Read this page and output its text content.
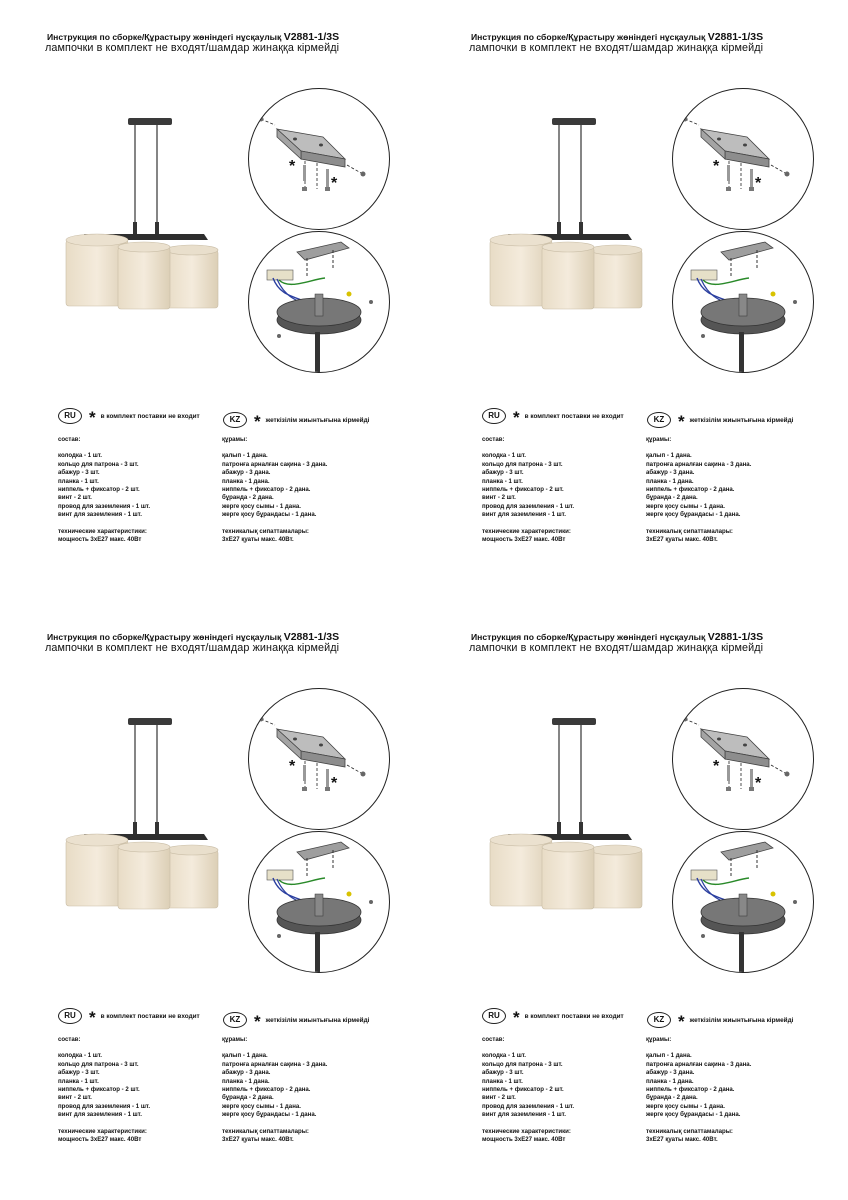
Инструкция по сборке/Құрастыру жөніндегі нұсқаулық V2881-1/3S
лампочки в комплект не входят/шамдар жинаққа кірмейді
*
*
RU * в комплект поставки не входит	KZ * жеткізілім жиынтығына кірмейді
состав:
колодка - 1 шт.
кольцо для патрона - 3 шт.
абажур - 3 шт.
планка - 1 шт.
ниппель + фиксатор - 2 шт.
винт - 2 шт.
провод для заземления - 1 шт.
винт для заземления - 1 шт.
технические характеристики:
мощность 3хЕ27 макс. 40Вт
құрамы:
қалып - 1 дана.
патронға арналған сақина - 3 дана.
абажур - 3 дана.
планка - 1 дана.
ниппель + фиксатор - 2 дана.
бұранда - 2 дана.
жерге қосу сымы - 1 дана.
жерге қосу бұрандасы - 1 дана.
техникалық сипаттамалары:
3хЕ27 қуаты макс. 40Вт.
Инструкция по сборке/Құрастыру жөніндегі нұсқаулық V2881-1/3S
лампочки в комплект не входят/шамдар жинаққа кірмейді
*
*
RU * в комплект поставки не входит	KZ * жеткізілім жиынтығына кірмейді
состав:
колодка - 1 шт.
кольцо для патрона - 3 шт.
абажур - 3 шт.
планка - 1 шт.
ниппель + фиксатор - 2 шт.
винт - 2 шт.
провод для заземления - 1 шт.
винт для заземления - 1 шт.
технические характеристики:
мощность 3хЕ27 макс. 40Вт
құрамы:
қалып - 1 дана.
патронға арналған сақина - 3 дана.
абажур - 3 дана.
планка - 1 дана.
ниппель + фиксатор - 2 дана.
бұранда - 2 дана.
жерге қосу сымы - 1 дана.
жерге қосу бұрандасы - 1 дана.
техникалық сипаттамалары:
3хЕ27 қуаты макс. 40Вт.
Инструкция по сборке/Құрастыру жөніндегі нұсқаулық V2881-1/3S
лампочки в комплект не входят/шамдар жинаққа кірмейді
*
*
RU * в комплект поставки не входит	KZ * жеткізілім жиынтығына кірмейді
состав:
колодка - 1 шт.
кольцо для патрона - 3 шт.
абажур - 3 шт.
планка - 1 шт.
ниппель + фиксатор - 2 шт.
винт - 2 шт.
провод для заземления - 1 шт.
винт для заземления - 1 шт.
технические характеристики:
мощность 3хЕ27 макс. 40Вт
құрамы:
қалып - 1 дана.
патронға арналған сақина - 3 дана.
абажур - 3 дана.
планка - 1 дана.
ниппель + фиксатор - 2 дана.
бұранда - 2 дана.
жерге қосу сымы - 1 дана.
жерге қосу бұрандасы - 1 дана.
техникалық сипаттамалары:
3хЕ27 қуаты макс. 40Вт.
Инструкция по сборке/Құрастыру жөніндегі нұсқаулық V2881-1/3S
лампочки в комплект не входят/шамдар жинаққа кірмейді
*
*
RU * в комплект поставки не входит	KZ * жеткізілім жиынтығына кірмейді
состав:
колодка - 1 шт.
кольцо для патрона - 3 шт.
абажур - 3 шт.
планка - 1 шт.
ниппель + фиксатор - 2 шт.
винт - 2 шт.
провод для заземления - 1 шт.
винт для заземления - 1 шт.
технические характеристики:
мощность 3хЕ27 макс. 40Вт
құрамы:
қалып - 1 дана.
патронға арналған сақина - 3 дана.
абажур - 3 дана.
планка - 1 дана.
ниппель + фиксатор - 2 дана.
бұранда - 2 дана.
жерге қосу сымы - 1 дана.
жерге қосу бұрандасы - 1 дана.
техникалық сипаттамалары:
3хЕ27 қуаты макс. 40Вт.
